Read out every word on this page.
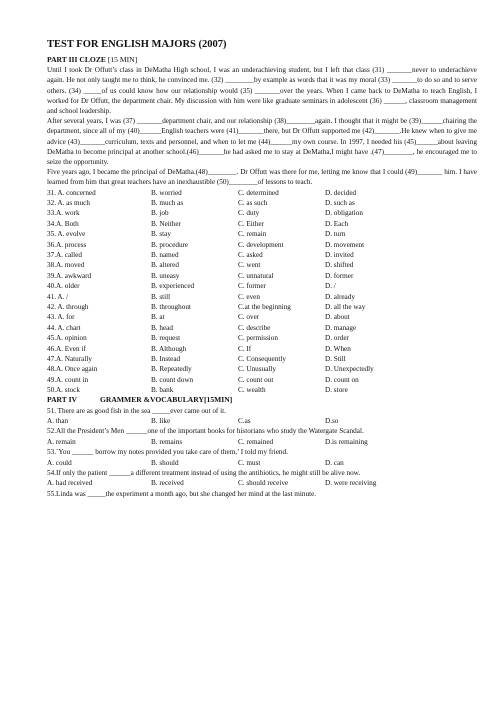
TEST FOR ENGLISH MAJORS (2007)
PART III CLOZE [15 MIN]

Until I took Dr Offutt’s class in DeMatha High school, I was an underachieving student, but I left that class (31) _______never to underachieve again. He not only taught me to think, he convinced me. (32) ________by example as words that it was my moral (33) _______to do so and to serve others. (34) _____of us could know how our relationship would (35) _______over the years. When I came back to DeMatha to teach English, I worked for Dr Offutt, the department chair. My discussion with him were like graduate seminars in adolescent (36) ______, classroom management and school leadership.

After several years, I was (37) _______department chair, and our relationship (38)________again. I thought that it might be (39)______chairing the department, since all of my (40)______English teachers were (41)_______there, but Dr Offutt supported me (42)_______.He knew when to give me advice (43)_______curriculum, texts and personnel, and when to let me (44)______my own course. In 1997, I needed his (45)______about leaving DeMatha to become principal at another school.(46)_______he had asked me to stay at DeMatha,I might have .(47)________, he encouraged me to seize the opportunity.

Five years ago, I became the principal of DeMatha.(48)________. Dr Offutt was there for me, letting me know that I could (49)_______ him. I have learned from him that great teachers have an inexhaustible (50)________of lessons to teach.

31. A. concerned	B. worried	C. determined	D. decided
32. A. as much	B. much as	C. as such	D. such as
33.A. work	B. job	C. duty	D. obligation
34.A. Both	B. Neither	C. Either	D. Each
35. A. evolve	B. stay	C. remain	D. turn
36.A. process	B. procedure	C. development	D. movement
37.A. called	B. named	C. asked	D. invited
38.A. moved	B. altered	C. went	D. shifted
39.A. awkward	B. uneasy	C. unnatural	D. former
40.A. older	B. experienced	C. former	D. /
41. A. /	B. still	C. even	D. already
42. A. through	B. throughout	C.at the beginning	D. all the way
43. A. for	B. at	C. over	D. about
44. A. chart	B. head	C. describe	D. manage
45.A. opinion	B. request	C. permission	D. order
46.A. Even if	B. Although	C. If	D. When
47.A. Naturally	B. Instead	C. Consequently	D. Still
48.A. Once again	B. Repeatedly	C. Unusually	D. Unexpectedly
49.A. count in	B. count down	C. count out	D. count on
50.A. stock	B. bank	C. wealth	D. store
PART IV	GRAMMER &VOCABULARY [15MIN]
51. There are as good fish in the sea _____ever came out of it.
A. than	B. like	C.as	D.so
52.All the President’s Men ______one of the important books for historians who study the Watergate Scandal.
A. remain	B. remains	C. remained	D.is remaining
53.`You ______ borrow my notes provided you take care of them,’ I told my friend.
A. could	B. should	C. must	D. can
54.If only the patient ______a different treatment instead of using the antibiotics, he might still be alive now.
A. had received	B. received	C. should receive	D. were receiving
55.Linda was _____the experiment a month ago, but she changed her mind at the last minute.
